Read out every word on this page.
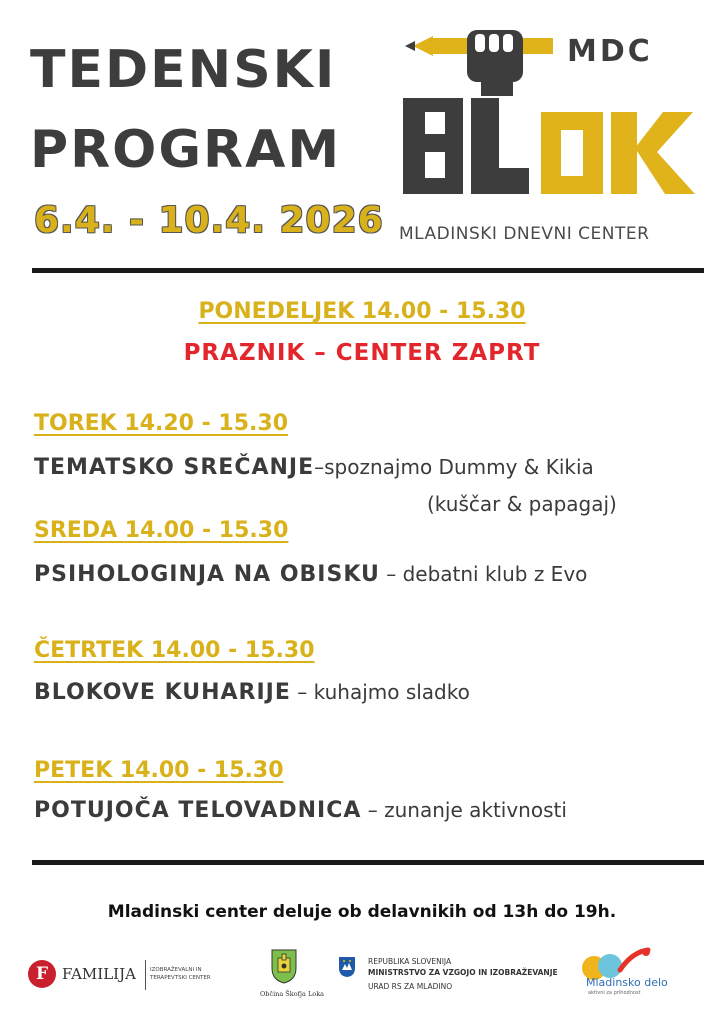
TEDENSKI
PROGRAM
6.4. - 10.4. 2026
MDC
MLADINSKI DNEVNI CENTER
PONEDELJEK 14.00 - 15.30
PRAZNIK – CENTER ZAPRT
TOREK 14.20 - 15.30
TEMATSKO SREČANJE–spoznajmo Dummy & Kikia
(kuščar & papagaj)
SREDA 14.00 - 15.30
PSIHOLOGINJA NA OBISKU – debatni klub z Evo
ČETRTEK 14.00 - 15.30
BLOKOVE KUHARIJE – kuhajmo sladko
PETEK 14.00 - 15.30
POTUJOČA TELOVADNICA – zunanje aktivnosti
Mladinski center deluje ob delavnikih od 13h do 19h.
F FAMILIJA	IZOBRAŽEVALNI IN
TERAPEVTSKI CENTER
Občina Škofja Loka
REPUBLIKA SLOVENIJA
MINISTRSTVO ZA VZGOJO IN IZOBRAŽEVANJE
URAD RS ZA MLADINO	Mladinsko delo
aktivni za prihodnost
